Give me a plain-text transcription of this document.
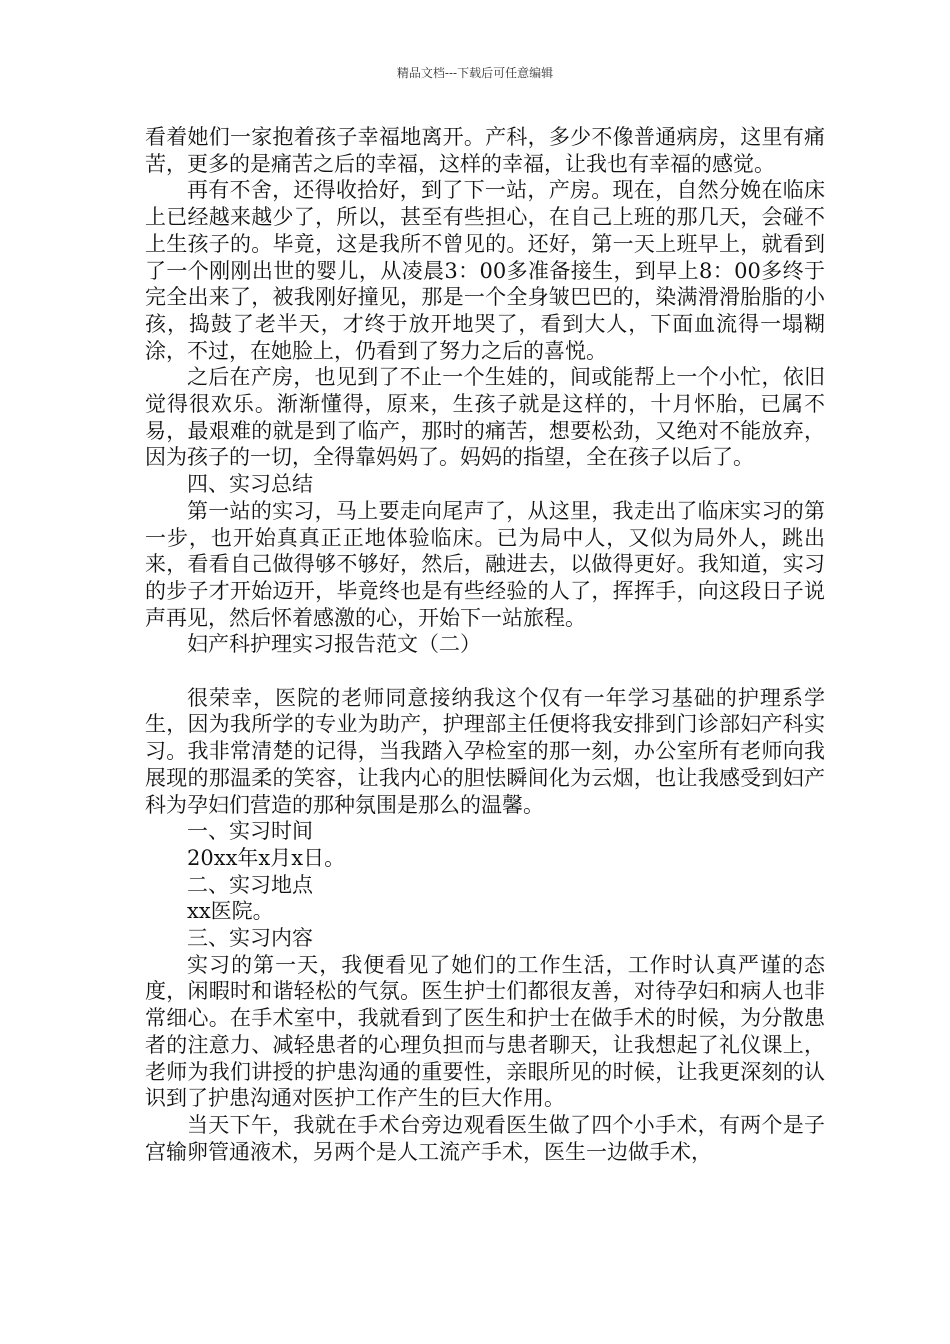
精品文档---下载后可任意编辑

看着她们一家抱着孩子幸福地离开。产科，多少不像普通病房，这里有痛苦，更多的是痛苦之后的幸福，这样的幸福，让我也有幸福的感觉。

再有不舍，还得收拾好，到了下一站，产房。现在，自然分娩在临床上已经越来越少了，所以，甚至有些担心，在自己上班的那几天，会碰不上生孩子的。毕竟，这是我所不曾见的。还好，第一天上班早上，就看到了一个刚刚出世的婴儿，从凌晨3：00多准备接生，到早上8：00多终于完全出来了，被我刚好撞见，那是一个全身皱巴巴的，染满滑滑胎脂的小孩，捣鼓了老半天，才终于放开地哭了，看到大人，下面血流得一塌糊涂，不过，在她脸上，仍看到了努力之后的喜悦。

之后在产房，也见到了不止一个生娃的，间或能帮上一个小忙，依旧觉得很欢乐。渐渐懂得，原来，生孩子就是这样的，十月怀胎，已属不易，最艰难的就是到了临产，那时的痛苦，想要松劲，又绝对不能放弃，因为孩子的一切，全得靠妈妈了。妈妈的指望，全在孩子以后了。

四、实习总结

第一站的实习，马上要走向尾声了，从这里，我走出了临床实习的第一步，也开始真真正正地体验临床。已为局中人，又似为局外人，跳出来，看看自己做得够不够好，然后，融进去，以做得更好。我知道，实习的步子才开始迈开，毕竟终也是有些经验的人了，挥挥手，向这段日子说声再见，然后怀着感激的心，开始下一站旅程。

妇产科护理实习报告范文（二）

很荣幸，医院的老师同意接纳我这个仅有一年学习基础的护理系学生，因为我所学的专业为助产，护理部主任便将我安排到门诊部妇产科实习。我非常清楚的记得，当我踏入孕检室的那一刻，办公室所有老师向我展现的那温柔的笑容，让我内心的胆怯瞬间化为云烟，也让我感受到妇产科为孕妇们营造的那种氛围是那么的温馨。

一、实习时间

20xx年x月x日。

二、实习地点

xx医院。

三、实习内容

实习的第一天，我便看见了她们的工作生活，工作时认真严谨的态度，闲暇时和谐轻松的气氛。医生护士们都很友善，对待孕妇和病人也非常细心。在手术室中，我就看到了医生和护士在做手术的时候，为分散患者的注意力、减轻患者的心理负担而与患者聊天，让我想起了礼仪课上，老师为我们讲授的护患沟通的重要性，亲眼所见的时候，让我更深刻的认识到了护患沟通对医护工作产生的巨大作用。

当天下午，我就在手术台旁边观看医生做了四个小手术，有两个是子宫输卵管通液术，另两个是人工流产手术，医生一边做手术，
